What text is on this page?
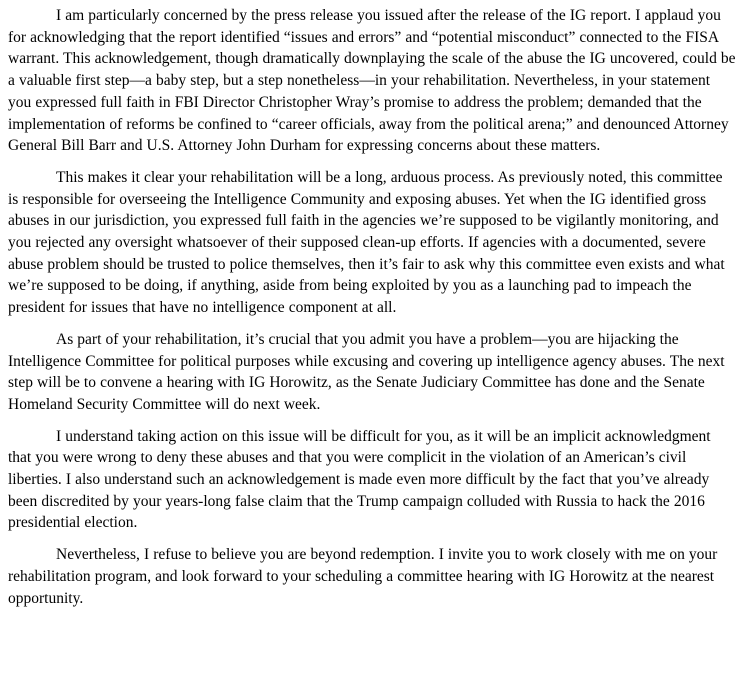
I am particularly concerned by the press release you issued after the release of the IG report. I applaud you for acknowledging that the report identified “issues and errors” and “potential misconduct” connected to the FISA warrant. This acknowledgement, though dramatically downplaying the scale of the abuse the IG uncovered, could be a valuable first step—a baby step, but a step nonetheless—in your rehabilitation. Nevertheless, in your statement you expressed full faith in FBI Director Christopher Wray’s promise to address the problem; demanded that the implementation of reforms be confined to “career officials, away from the political arena;” and denounced Attorney General Bill Barr and U.S. Attorney John Durham for expressing concerns about these matters.

This makes it clear your rehabilitation will be a long, arduous process. As previously noted, this committee is responsible for overseeing the Intelligence Community and exposing abuses. Yet when the IG identified gross abuses in our jurisdiction, you expressed full faith in the agencies we’re supposed to be vigilantly monitoring, and you rejected any oversight whatsoever of their supposed clean-up efforts. If agencies with a documented, severe abuse problem should be trusted to police themselves, then it’s fair to ask why this committee even exists and what we’re supposed to be doing, if anything, aside from being exploited by you as a launching pad to impeach the president for issues that have no intelligence component at all.

As part of your rehabilitation, it’s crucial that you admit you have a problem—you are hijacking the Intelligence Committee for political purposes while excusing and covering up intelligence agency abuses. The next step will be to convene a hearing with IG Horowitz, as the Senate Judiciary Committee has done and the Senate Homeland Security Committee will do next week.

I understand taking action on this issue will be difficult for you, as it will be an implicit acknowledgment that you were wrong to deny these abuses and that you were complicit in the violation of an American’s civil liberties. I also understand such an acknowledgement is made even more difficult by the fact that you’ve already been discredited by your years-long false claim that the Trump campaign colluded with Russia to hack the 2016 presidential election.

Nevertheless, I refuse to believe you are beyond redemption. I invite you to work closely with me on your rehabilitation program, and look forward to your scheduling a committee hearing with IG Horowitz at the nearest opportunity.
